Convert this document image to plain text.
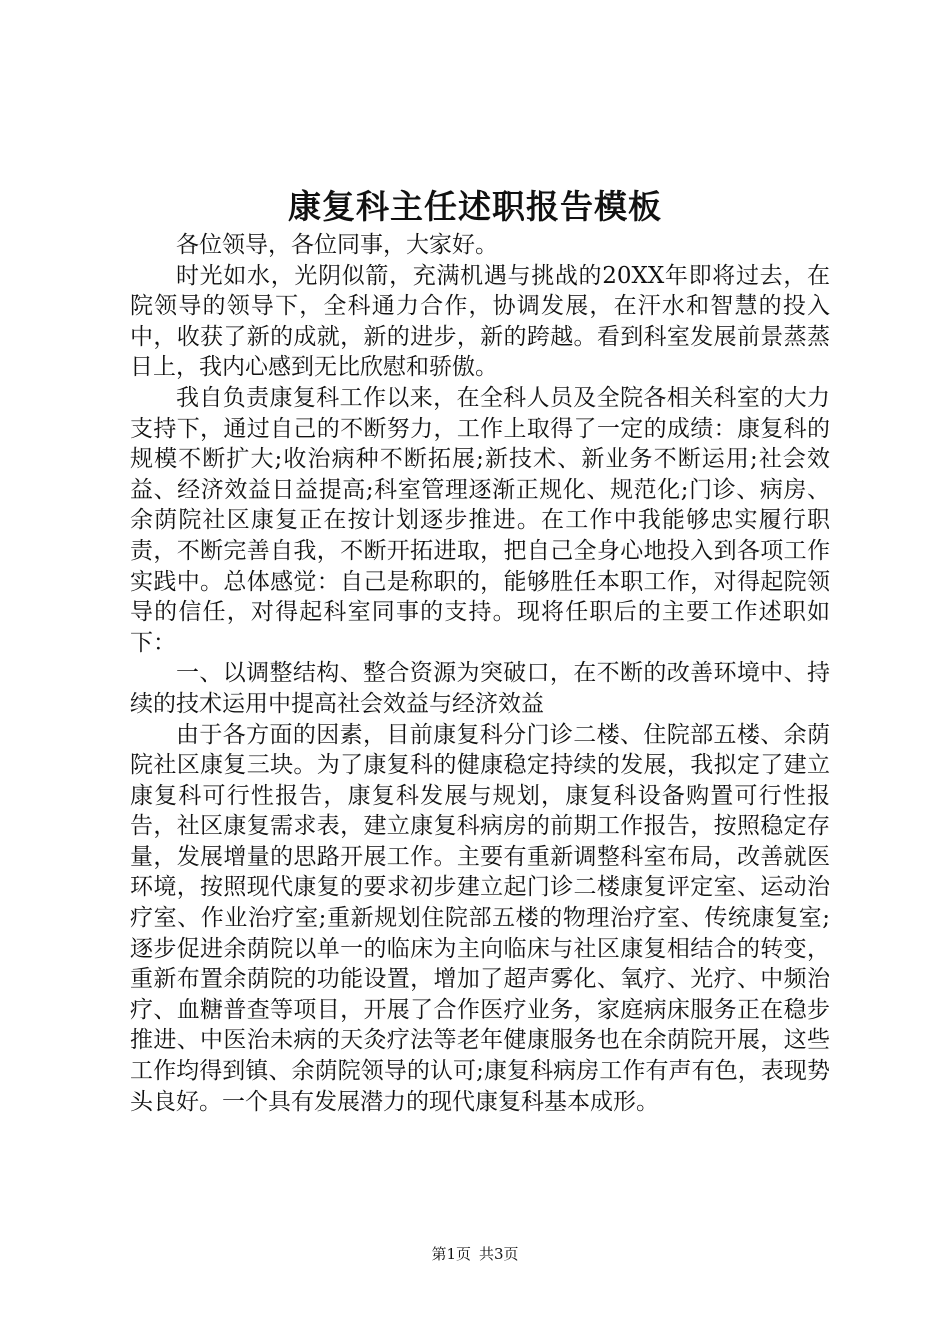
康复科主任述职报告模板

各位领导，各位同事，大家好。

时光如水，光阴似箭，充满机遇与挑战的20XX年即将过去，在院领导的领导下，全科通力合作，协调发展，在汗水和智慧的投入中，收获了新的成就，新的进步，新的跨越。看到科室发展前景蒸蒸日上，我内心感到无比欣慰和骄傲。

我自负责康复科工作以来，在全科人员及全院各相关科室的大力支持下，通过自己的不断努力，工作上取得了一定的成绩：康复科的规模不断扩大;收治病种不断拓展;新技术、新业务不断运用;社会效益、经济效益日益提高;科室管理逐渐正规化、规范化;门诊、病房、余荫院社区康复正在按计划逐步推进。在工作中我能够忠实履行职责，不断完善自我，不断开拓进取，把自己全身心地投入到各项工作实践中。总体感觉：自己是称职的，能够胜任本职工作，对得起院领导的信任，对得起科室同事的支持。现将任职后的主要工作述职如下：

一、以调整结构、整合资源为突破口，在不断的改善环境中、持续的技术运用中提高社会效益与经济效益

由于各方面的因素，目前康复科分门诊二楼、住院部五楼、余荫院社区康复三块。为了康复科的健康稳定持续的发展，我拟定了建立康复科可行性报告，康复科发展与规划，康复科设备购置可行性报告，社区康复需求表，建立康复科病房的前期工作报告，按照稳定存量，发展增量的思路开展工作。主要有重新调整科室布局，改善就医环境，按照现代康复的要求初步建立起门诊二楼康复评定室、运动治疗室、作业治疗室;重新规划住院部五楼的物理治疗室、传统康复室;逐步促进余荫院以单一的临床为主向临床与社区康复相结合的转变，重新布置余荫院的功能设置，增加了超声雾化、氧疗、光疗、中频治疗、血糖普查等项目，开展了合作医疗业务，家庭病床服务正在稳步推进、中医治未病的天灸疗法等老年健康服务也在余荫院开展，这些工作均得到镇、余荫院领导的认可;康复科病房工作有声有色，表现势头良好。一个具有发展潜力的现代康复科基本成形。

第1页 共3页
